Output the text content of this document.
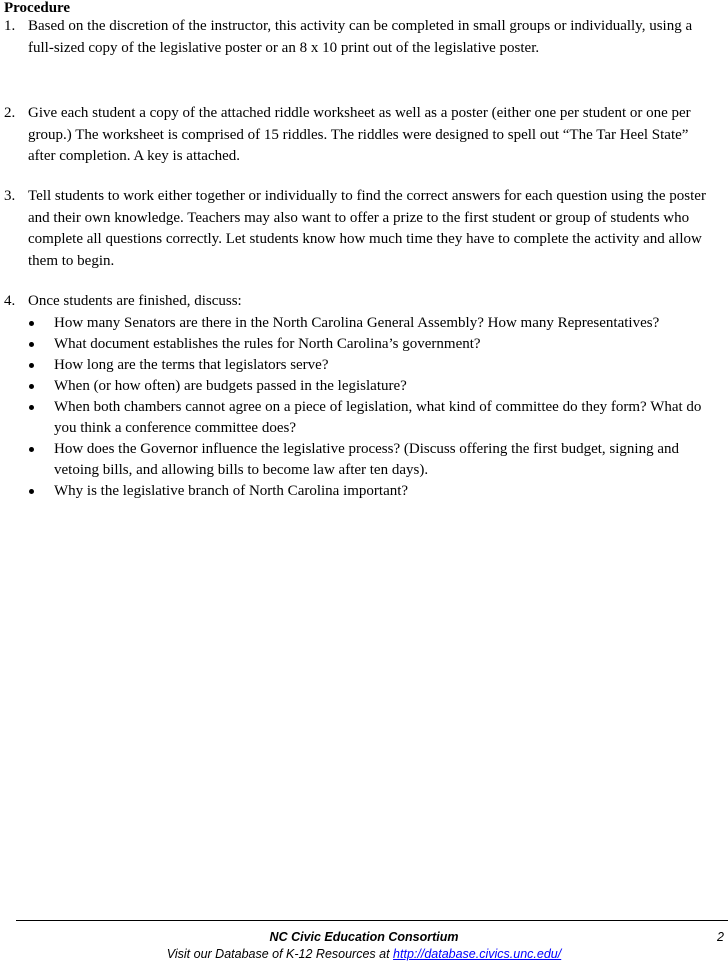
Procedure
1. Based on the discretion of the instructor, this activity can be completed in small groups or individually, using a full-sized copy of the legislative poster or an 8 x 10 print out of the legislative poster.
2. Give each student a copy of the attached riddle worksheet as well as a poster (either one per student or one per group.) The worksheet is comprised of 15 riddles. The riddles were designed to spell out “The Tar Heel State” after completion. A key is attached.
3. Tell students to work either together or individually to find the correct answers for each question using the poster and their own knowledge. Teachers may also want to offer a prize to the first student or group of students who complete all questions correctly. Let students know how much time they have to complete the activity and allow them to begin.
4. Once students are finished, discuss:
How many Senators are there in the North Carolina General Assembly? How many Representatives?
What document establishes the rules for North Carolina’s government?
How long are the terms that legislators serve?
When (or how often) are budgets passed in the legislature?
When both chambers cannot agree on a piece of legislation, what kind of committee do they form? What do you think a conference committee does?
How does the Governor influence the legislative process? (Discuss offering the first budget, signing and vetoing bills, and allowing bills to become law after ten days).
Why is the legislative branch of North Carolina important?
NC Civic Education Consortium	2
Visit our Database of K-12 Resources at http://database.civics.unc.edu/
